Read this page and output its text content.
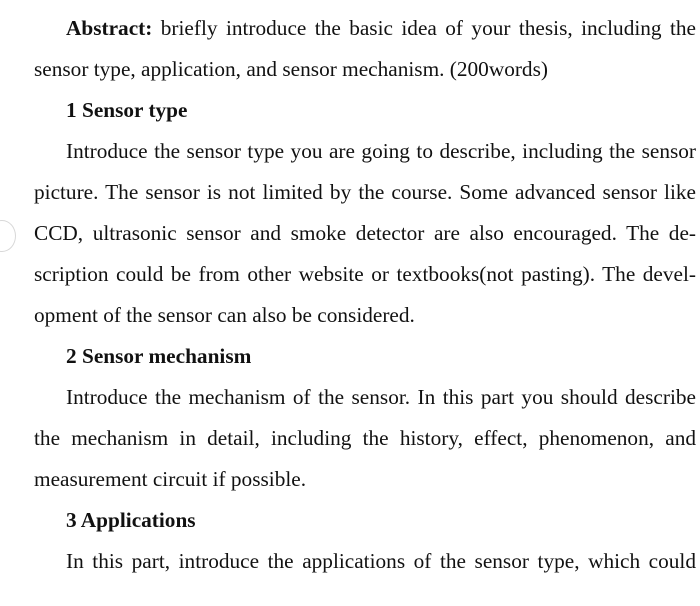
Abstract: briefly introduce the basic idea of your thesis, including the
sensor type, application, and sensor mechanism. (200words)
1 Sensor type
Introduce the sensor type you are going to describe, including the sensor
picture. The sensor is not limited by the course. Some advanced sensor like
CCD, ultrasonic sensor and smoke detector are also encouraged. The de-
scription could be from other website or textbooks(not pasting). The devel-
opment of the sensor can also be considered.
2 Sensor mechanism
Introduce the mechanism of the sensor. In this part you should describe
the mechanism in detail, including the history, effect, phenomenon, and
measurement circuit if possible.
3 Applications
In this part, introduce the applications of the sensor type, which could
